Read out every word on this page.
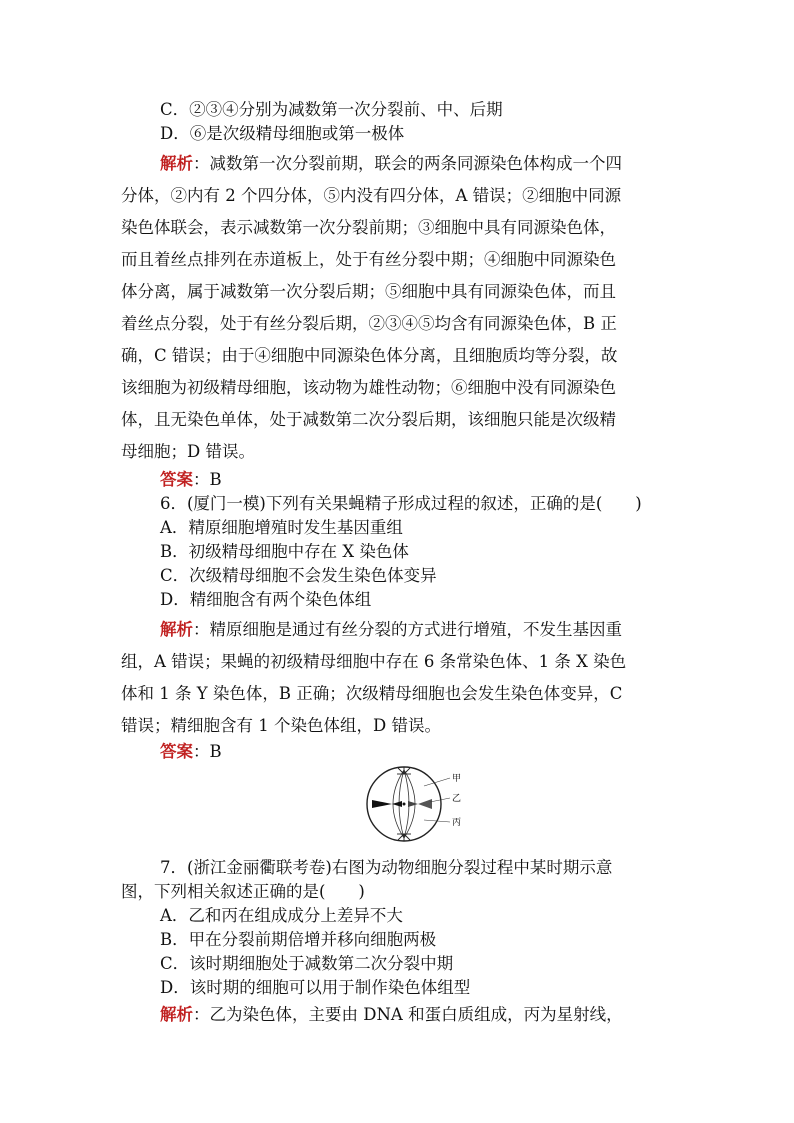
C．②③④分别为减数第一次分裂前、中、后期
D．⑥是次级精母细胞或第一极体
解析：减数第一次分裂前期，联会的两条同源染色体构成一个四
分体，②内有 2 个四分体，⑤内没有四分体，A 错误；②细胞中同源
染色体联会，表示减数第一次分裂前期；③细胞中具有同源染色体，
而且着丝点排列在赤道板上，处于有丝分裂中期；④细胞中同源染色
体分离，属于减数第一次分裂后期；⑤细胞中具有同源染色体，而且
着丝点分裂，处于有丝分裂后期，②③④⑤均含有同源染色体，B 正
确，C 错误；由于④细胞中同源染色体分离，且细胞质均等分裂，故
该细胞为初级精母细胞，该动物为雄性动物；⑥细胞中没有同源染色
体，且无染色单体，处于减数第二次分裂后期，该细胞只能是次级精
母细胞；D 错误。
答案：B
6．(厦门一模)下列有关果蝇精子形成过程的叙述，正确的是(　　)
A．精原细胞增殖时发生基因重组
B．初级精母细胞中存在 X 染色体
C．次级精母细胞不会发生染色体变异
D．精细胞含有两个染色体组
解析：精原细胞是通过有丝分裂的方式进行增殖，不发生基因重
组，A 错误；果蝇的初级精母细胞中存在 6 条常染色体、1 条 X 染色
体和 1 条 Y 染色体，B 正确；次级精母细胞也会发生染色体变异，C
错误；精细胞含有 1 个染色体组，D 错误。
答案：B
甲
乙
丙
7．(浙江金丽衢联考卷)右图为动物细胞分裂过程中某时期示意
图，下列相关叙述正确的是(　　)
A．乙和丙在组成成分上差异不大
B．甲在分裂前期倍增并移向细胞两极
C．该时期细胞处于减数第二次分裂中期
D．该时期的细胞可以用于制作染色体组型
解析：乙为染色体，主要由 DNA 和蛋白质组成，丙为星射线，
